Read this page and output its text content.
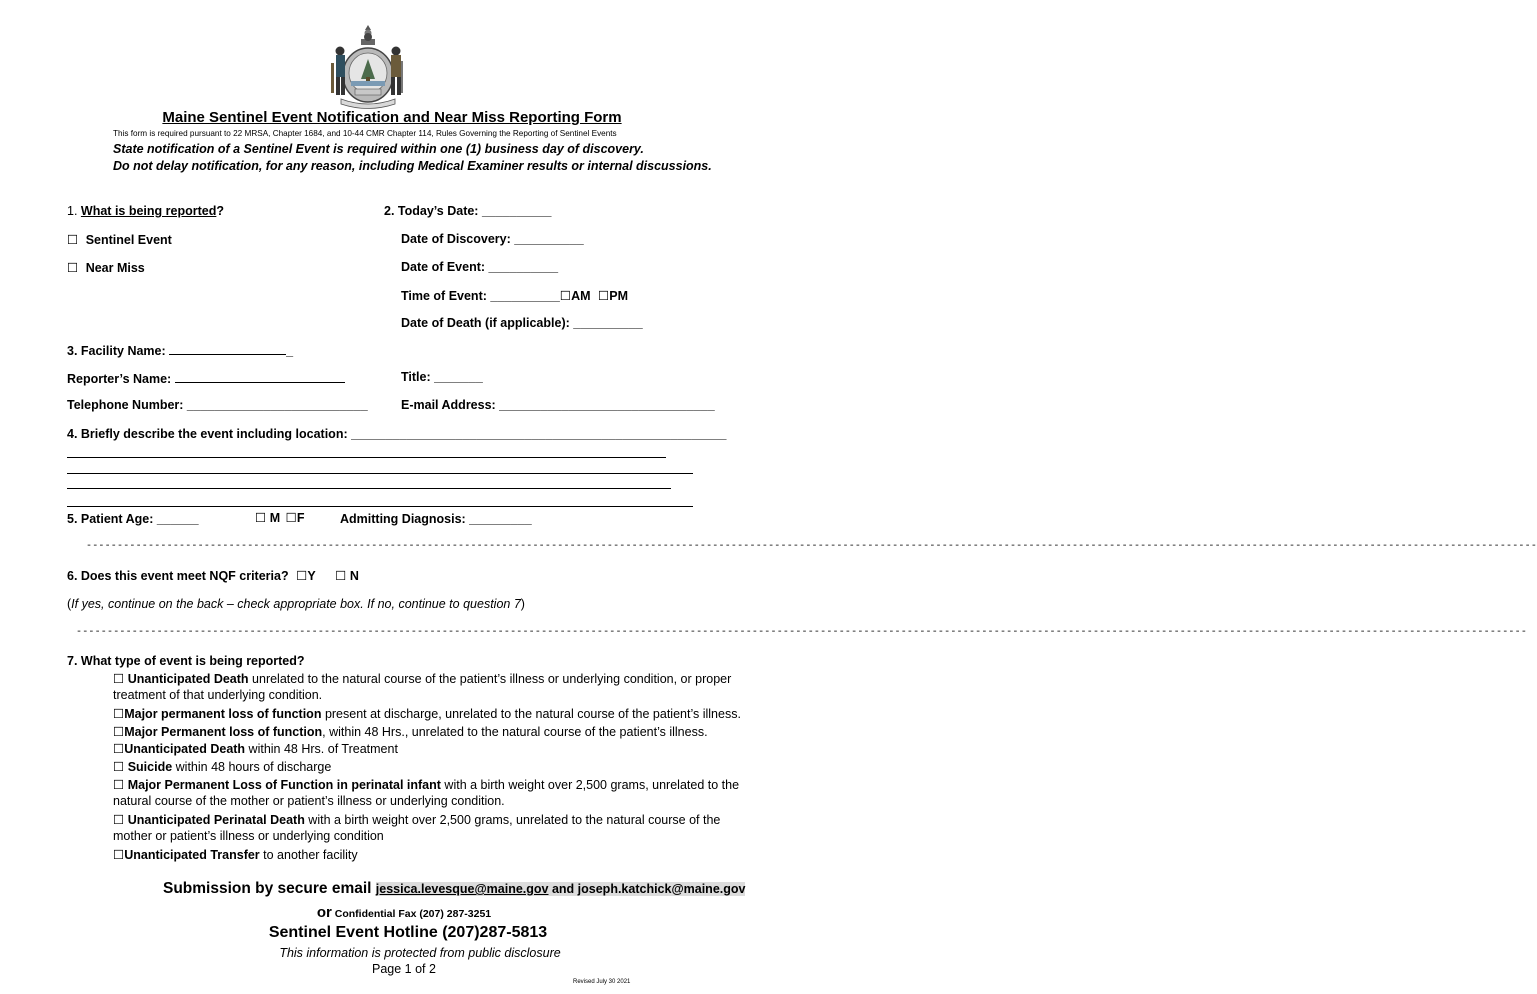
Maine Sentinel Event Notification and Near Miss Reporting Form
This form is required pursuant to 22 MRSA, Chapter 1684, and 10-44 CMR Chapter 114, Rules Governing the Reporting of Sentinel Events
State notification of a Sentinel Event is required within one (1) business day of discovery.
Do not delay notification, for any reason, including Medical Examiner results or internal discussions.
1. What is being reported?
☐ Sentinel Event
☐ Near Miss
2. Today’s Date: __________
Date of Discovery: __________
Date of Event: __________
Time of Event: __________☐AM ☐PM
Date of Death (if applicable): __________
3. Facility Name:	_
Reporter’s Name:	Title: _______
Telephone Number: __________________________	E-mail Address: _______________________________
4. Briefly describe the event including location: ______________________________________________________
5. Patient Age: ______	☐ M ☐F	Admitting Diagnosis: _________
------------------------------------------------------------------------------------------------------------------------------------------------------------------------------------------------------------------------------------------
6. Does this event meet NQF criteria? ☐Y ☐ N
(If yes, continue on the back – check appropriate box. If no, continue to question 7)
------------------------------------------------------------------------------------------------------------------------------------------------------------------------------------------------------------------------------------------
7. What type of event is being reported?
☐ Unanticipated Death unrelated to the natural course of the patient’s illness or underlying condition, or proper
treatment of that underlying condition.
☐Major permanent loss of function present at discharge, unrelated to the natural course of the patient’s illness.
☐Major Permanent loss of function, within 48 Hrs., unrelated to the natural course of the patient’s illness.
☐Unanticipated Death within 48 Hrs. of Treatment
☐ Suicide within 48 hours of discharge
☐ Major Permanent Loss of Function in perinatal infant with a birth weight over 2,500 grams, unrelated to the
natural course of the mother or patient’s illness or underlying condition.
☐ Unanticipated Perinatal Death with a birth weight over 2,500 grams, unrelated to the natural course of the
mother or patient’s illness or underlying condition
☐Unanticipated Transfer to another facility
Submission by secure email jessica.levesque@maine.gov and joseph.katchick@maine.gov
or Confidential Fax (207) 287-3251
Sentinel Event Hotline (207)287-5813
This information is protected from public disclosure
Page 1 of 2
Revised July 30 2021
